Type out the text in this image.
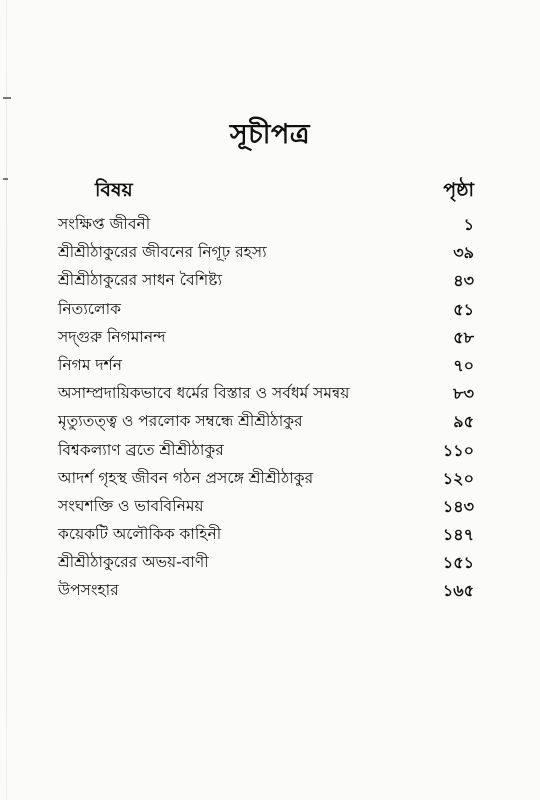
সূচীপত্র
বিষয়	পৃষ্ঠা
সংক্ষিপ্ত জীবনী	১
শ্রীশ্রীঠাকুরের জীবনের নিগূঢ় রহস্য	৩৯
শ্রীশ্রীঠাকুরের সাধন বৈশিষ্ট্য	৪৩
নিত্যলোক	৫১
সদ্গুরু নিগমানন্দ	৫৮
নিগম দর্শন	৭০
অসাম্প্রদায়িকভাবে ধর্মের বিস্তার ও সর্বধর্ম সমন্বয়	৮৩
মৃত্যুতত্ত্ব ও পরলোক সম্বন্ধে শ্রীশ্রীঠাকুর	৯৫
বিশ্বকল্যাণ ব্রতে শ্রীশ্রীঠাকুর	১১০
আদর্শ গৃহস্থ জীবন গঠন প্রসঙ্গে শ্রীশ্রীঠাকুর	১২০
সংঘশক্তি ও ভাববিনিময়	১৪৩
কয়েকটি অলৌকিক কাহিনী	১৪৭
শ্রীশ্রীঠাকুরের অভয়-বাণী	১৫১
উপসংহার	১৬৫
